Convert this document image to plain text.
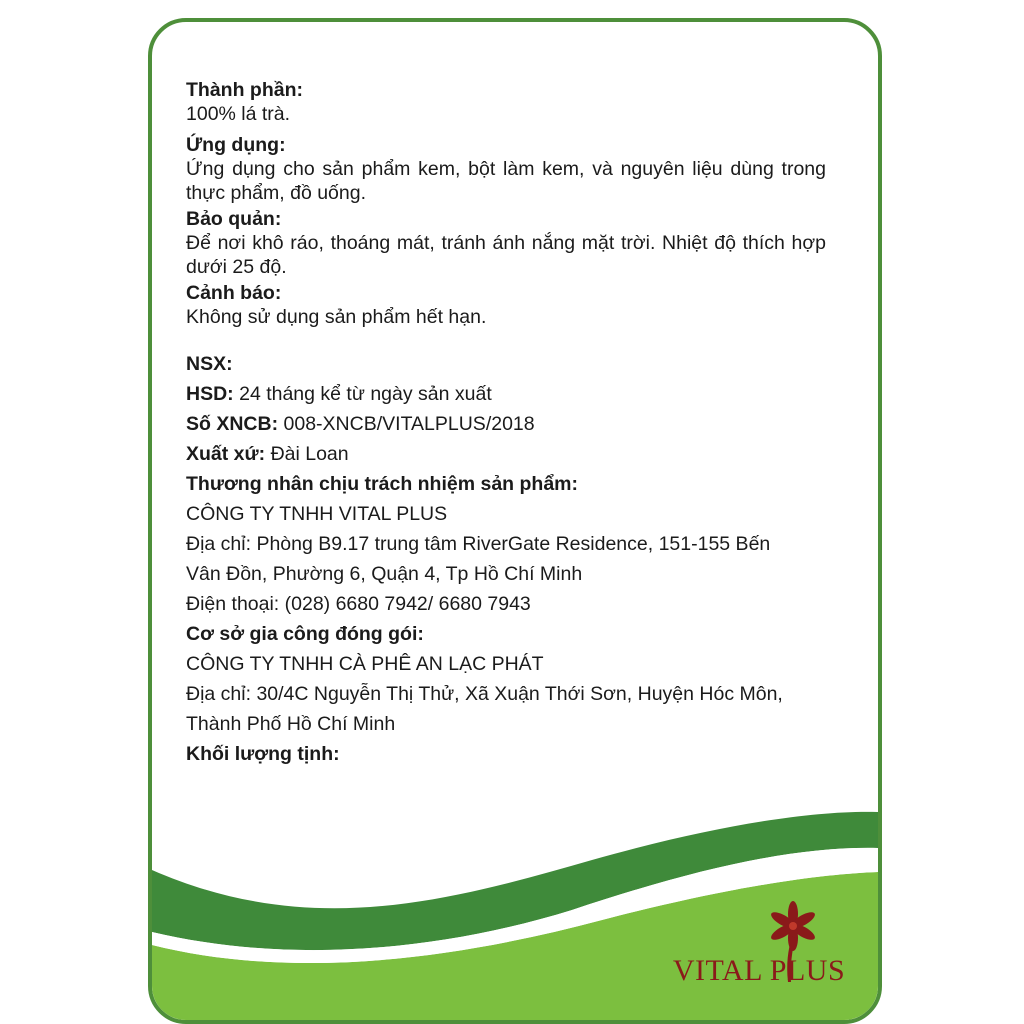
Thành phần:
100% lá trà.
Ứng dụng:
Ứng dụng cho sản phẩm kem, bột làm kem, và nguyên liệu dùng trong thực phẩm, đồ uống.
Bảo quản:
Để nơi khô ráo, thoáng mát, tránh ánh nắng mặt trời. Nhiệt độ thích hợp dưới 25 độ.
Cảnh báo:
Không sử dụng sản phẩm hết hạn.
NSX:
HSD: 24 tháng kể từ ngày sản xuất
Số XNCB: 008-XNCB/VITALPLUS/2018
Xuất xứ: Đài Loan
Thương nhân chịu trách nhiệm sản phẩm:
CÔNG TY TNHH VITAL PLUS
Địa chỉ: Phòng B9.17 trung tâm RiverGate Residence, 151-155 Bến
Vân Đồn, Phường 6, Quận 4, Tp Hồ Chí Minh
Điện thoại: (028) 6680 7942/ 6680 7943
Cơ sở gia công đóng gói:
CÔNG TY TNHH CÀ PHÊ AN LẠC PHÁT
Địa chỉ: 30/4C Nguyễn Thị Thử, Xã Xuận Thới Sơn, Huyện Hóc Môn,
Thành Phố Hồ Chí Minh
Khối lượng tịnh:
VITAL PLUS
